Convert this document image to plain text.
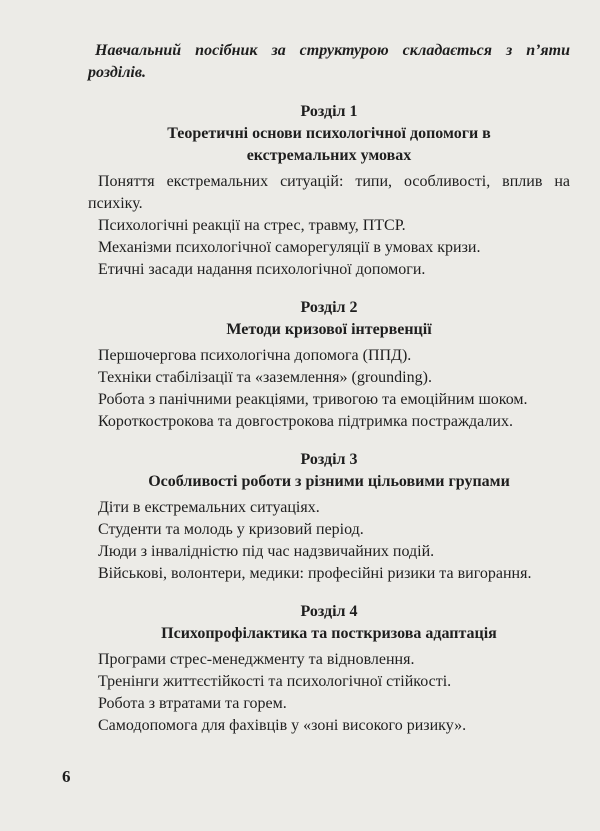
Навчальний посібник за структурою складається з п’яти розділів.

Розділ 1
Теоретичні основи психологічної допомоги в екстремальних умовах
Поняття екстремальних ситуацій: типи, особливості, вплив на психіку.
Психологічні реакції на стрес, травму, ПТСР.
Механізми психологічної саморегуляції в умовах кризи.
Етичні засади надання психологічної допомоги.
Розділ 2
Методи кризової інтервенції
Першочергова психологічна допомога (ППД).
Техніки стабілізації та «заземлення» (grounding).
Робота з панічними реакціями, тривогою та емоційним шоком.
Короткострокова та довгострокова підтримка постраждалих.
Розділ 3
Особливості роботи з різними цільовими групами
Діти в екстремальних ситуаціях.
Студенти та молодь у кризовий період.
Люди з інвалідністю під час надзвичайних подій.
Військові, волонтери, медики: професійні ризики та вигорання.
Розділ 4
Психопрофілактика та посткризова адаптація
Програми стрес-менеджменту та відновлення.
Тренінги життєстійкості та психологічної стійкості.
Робота з втратами та горем.
Самодопомога для фахівців у «зоні високого ризику».
6
